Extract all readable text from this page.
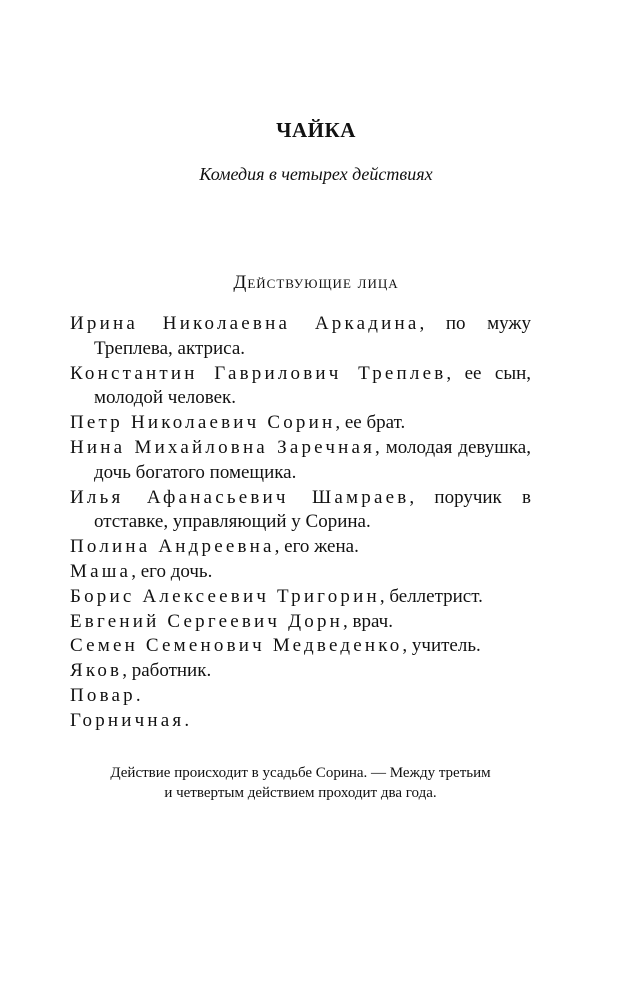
ЧАЙКА
Комедия в четырех действиях
Действующие лица

Ирина Николаевна Аркадина, по мужу Треплева, актриса.

Константин Гаврилович Треплев, ее сын, молодой человек.

Петр Николаевич Сорин, ее брат.

Нина Михайловна Заречная, молодая девушка, дочь богатого помещика.

Илья Афанасьевич Шамраев, поручик в отставке, управляющий у Сорина.

Полина Андреевна, его жена.

Маша, его дочь.

Борис Алексеевич Тригорин, беллетрист.

Евгений Сергеевич Дорн, врач.

Семен Семенович Медведенко, учитель.

Яков, работник.

Повар.

Горничная.

Действие происходит в усадьбе Сорина. — Между третьим
и четвертым действием проходит два года.
